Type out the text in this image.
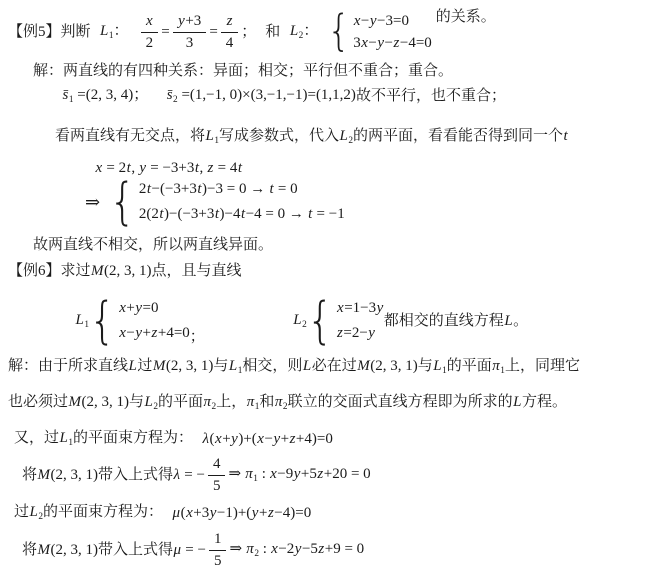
【例5】判断 $L_1$： $\frac{x}{2} = \frac{y+3}{3} = \frac{z}{4}$ ； 和 $L_2$： { x−y−3=0
3x−y−z−4=0
的关系。
解：两直线的有四种关系：异面；相交；平行但不重合；重合。
$s̄_1 =(2$, 3, 4)； $s̄_2 =(1,-1$, 0)×(3,−1,−1)=(1,1,2) 故不平行，也不重合；
看两直线有无交点，将$L_1$写成参数式，代入$L_2$的两平面，看看能否得到同一个t
x = 2t, y = −3+3t, z = 4t
⇒ { 2t−(−3+3t)−3 = 0 → t = 0
2(2t)−(−3+3t)−4t−4 = 0 → t = −1
故两直线不相交，所以两直线异面。
【例6】求过 M(2, 3, 1) 点，且与直线
$L_1$ { x+y=0
x−y+z+4=0 ；
$L_2$ { x=1−3y
z=2−y
都相交的直线方程L。
解：由于所求直线L过M(2, 3, 1)与$L_1$相交，则L必在过M(2, 3, 1)与$L_1$的平面$\pi_1$上，同理它
也必须过M(2, 3, 1)与$L_2$的平面$\pi_2$上，$\pi_1$和$\pi_2$联立的交面式直线方程即为所求的L方程。
又，过$L_1$的平面束方程为： λ(x+y)+(x−y+z+4)=0
将M(2, 3, 1)带入上式得 λ = − $\frac{4}{5}$ ⇒ $\pi_1$ : x−9y+5z+20 = 0
过$L_2$的平面束方程为： μ(x+3y−1)+(y+z−4)=0
将M(2, 3, 1)带入上式得 μ = − $\frac{1}{5}$ ⇒ $\pi_2$ : x−2y−5z+9 = 0
